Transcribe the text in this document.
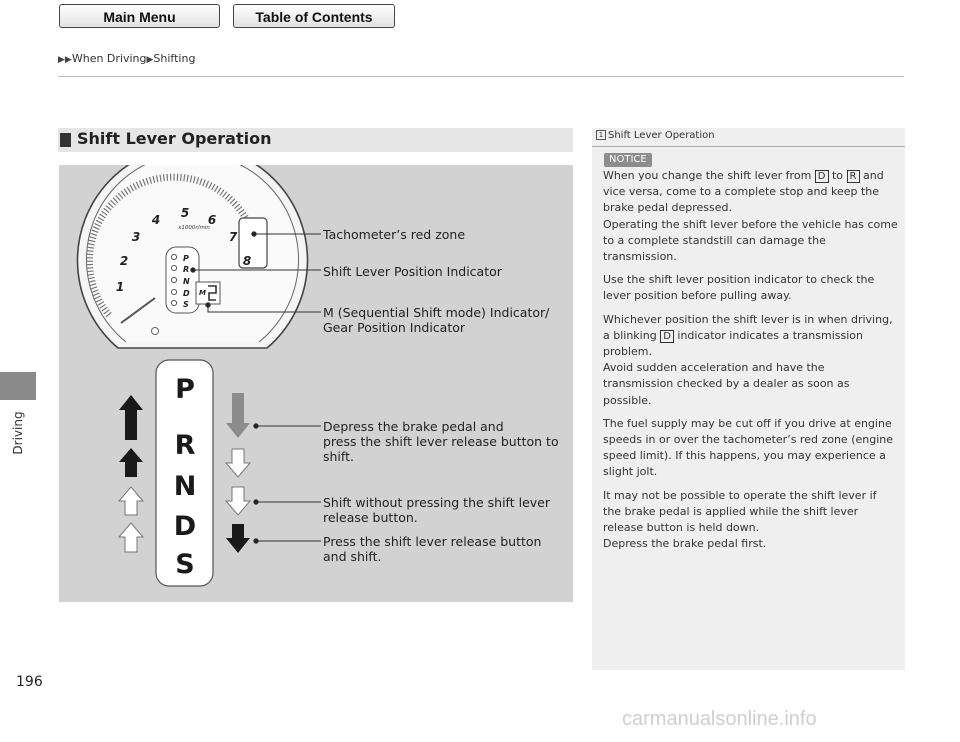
Main Menu	Table of Contents
▶▶When Driving▶Shifting
Driving
196
Shift Lever Operation
1
2
3
4 5 6
7
8
x1000r/min
P
R
N
D
S
M
P
R
N
D
S
Tachometer’s red zone
Shift Lever Position Indicator
M (Sequential Shift mode) Indicator/
Gear Position Indicator
Depress the brake pedal and
press the shift lever release button to
shift.
Shift without pressing the shift lever
release button.
Press the shift lever release button
and shift.
1 Shift Lever Operation
NOTICE
When you change the shift lever from D to R and vice versa, come to a complete stop and keep the brake pedal depressed.
Operating the shift lever before the vehicle has come to a complete standstill can damage the transmission.
Use the shift lever position indicator to check the lever position before pulling away.
Whichever position the shift lever is in when driving, a blinking D indicator indicates a transmission problem.
Avoid sudden acceleration and have the transmission checked by a dealer as soon as possible.
The fuel supply may be cut off if you drive at engine speeds in or over the tachometer’s red zone (engine speed limit). If this happens, you may experience a slight jolt.
It may not be possible to operate the shift lever if the brake pedal is applied while the shift lever release button is held down.
Depress the brake pedal first.
carmanualsonline.info
